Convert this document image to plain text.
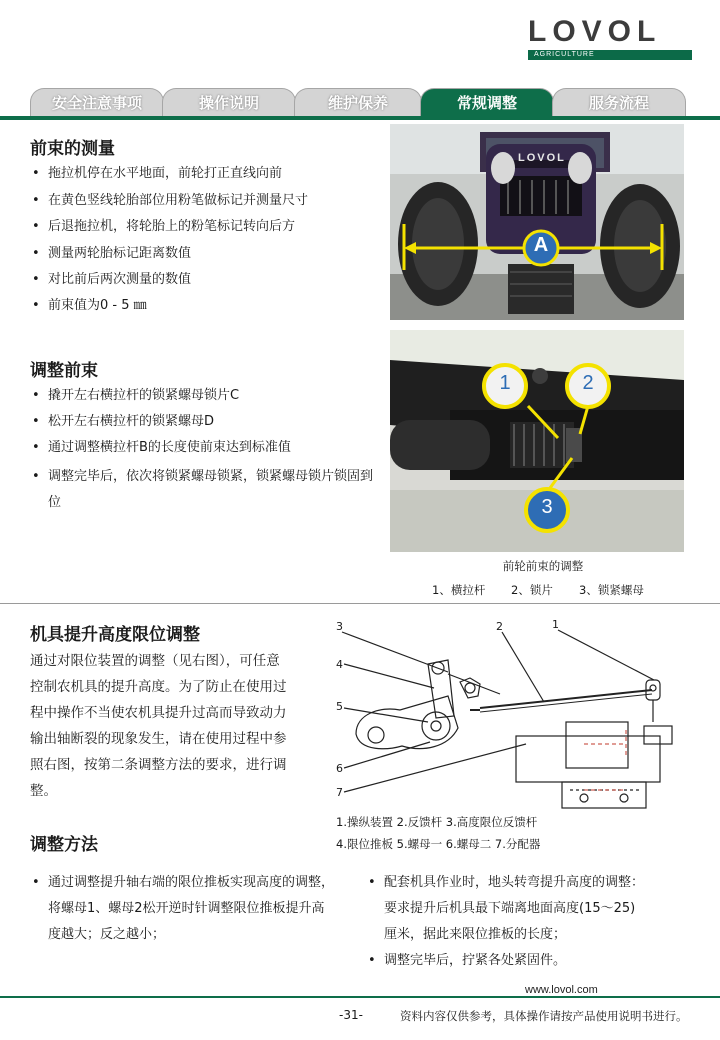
LOVOL
AGRICULTURE
安全注意事项	操作说明	维护保养	常规调整	服务流程
前束的测量
• 拖拉机停在水平地面，前轮打正直线向前
• 在黄色竖线轮胎部位用粉笔做标记并测量尺寸
• 后退拖拉机，将轮胎上的粉笔标记转向后方
• 测量两轮胎标记距离数值
• 对比前后两次测量的数值
• 前束值为0 - 5 ㎜
LOVOL
A
调整前束
• 撬开左右横拉杆的锁紧螺母锁片C
• 松开左右横拉杆的锁紧螺母D
• 通过调整横拉杆B的长度使前束达到标准值
• 调整完毕后，依次将锁紧螺母锁紧，锁紧螺母锁片锁固到位
1	2
3
前轮前束的调整
1、横拉杆 2、锁片 3、锁紧螺母
机具提升高度限位调整
通过对限位装置的调整（见右图），可任意
控制农机具的提升高度。为了防止在使用过
程中操作不当使农机具提升过高而导致动力
输出轴断裂的现象发生，请在使用过程中参
照右图，按第二条调整方法的要求，进行调
整。
3	2	1
4
5
6
7
1.操纵装置 2.反馈杆 3.高度限位反馈杆
4.限位推板 5.螺母一 6.螺母二 7.分配器
调整方法
• 通过调整提升轴右端的限位推板实现高度的调整，
将螺母1、螺母2松开逆时针调整限位推板提升高
度越大；反之越小；
• 配套机具作业时，地头转弯提升高度的调整：
要求提升后机具最下端离地面高度(15～25)
厘米，据此来限位推板的长度；
• 调整完毕后，拧紧各处紧固件。
www.lovol.com
-31-	资料内容仅供参考，具体操作请按产品使用说明书进行。
